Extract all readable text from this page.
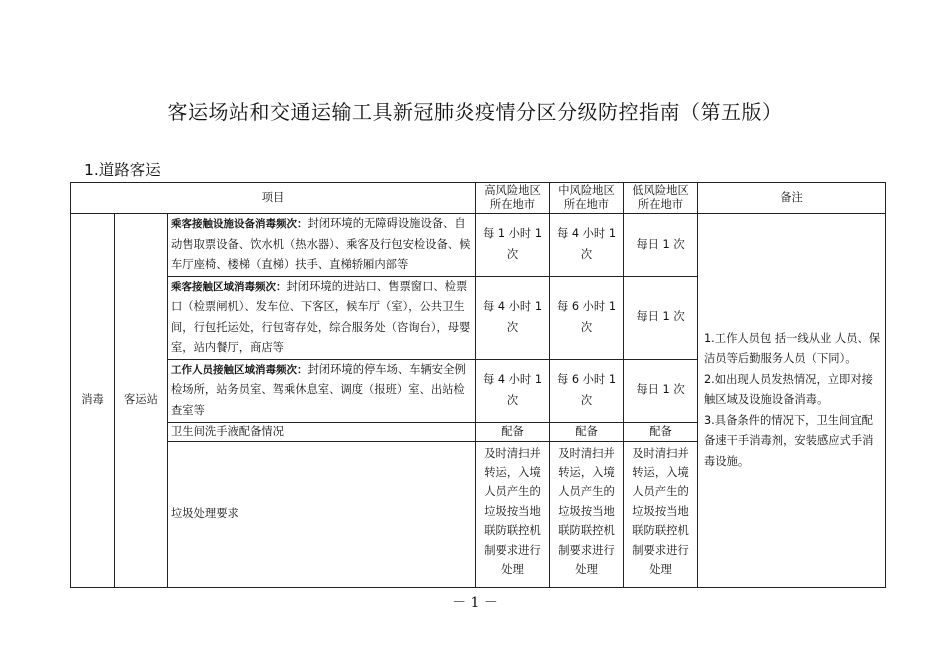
客运场站和交通运输工具新冠肺炎疫情分区分级防控指南（第五版）
1.道路客运
项目			高风险地区所在地市	中风险地区所在地市	低风险地区所在地市	备注
消毒	客运站	乘客接触设施设备消毒频次：封闭环境的无障碍设施设备、自动售取票设备、饮水机（热水器）、乘客及行包安检设备、候车厅座椅、楼梯（直梯）扶手、直梯轿厢内部等	每 1 小时 1 次	每 4 小时 1 次	每日 1 次	1.工作人员包 括一线从业 人员、保洁员等后勤服务人员（下同）。
2.如出现人员发热情况，立即对接触区域及设施设备消毒。
3.具备条件的情况下，卫生间宜配备速干手消毒剂，安装感应式手消毒设施。

		乘客接触区域消毒频次：封闭环境的进站口、售票窗口、检票口（检票闸机）、发车位、下客区，候车厅（室），公共卫生间，行包托运处，行包寄存处，综合服务处（咨询台），母婴室，站内餐厅，商店等	每 4 小时 1 次	每 6 小时 1 次	每日 1 次	
		工作人员接触区域消毒频次：封闭环境的停车场、车辆安全例检场所，站务员室、驾乘休息室、调度（报班）室、出站检查室等	每 4 小时 1 次	每 6 小时 1 次	每日 1 次	
		卫生间洗手液配备情况	配备	配备	配备	
		垃圾处理要求	及时清扫并转运，入境人员产生的垃圾按当地联防联控机制要求进行处理	及时清扫并转运，入境人员产生的垃圾按当地联防联控机制要求进行处理	及时清扫并转运，入境人员产生的垃圾按当地联防联控机制要求进行处理	
－ 1 －
